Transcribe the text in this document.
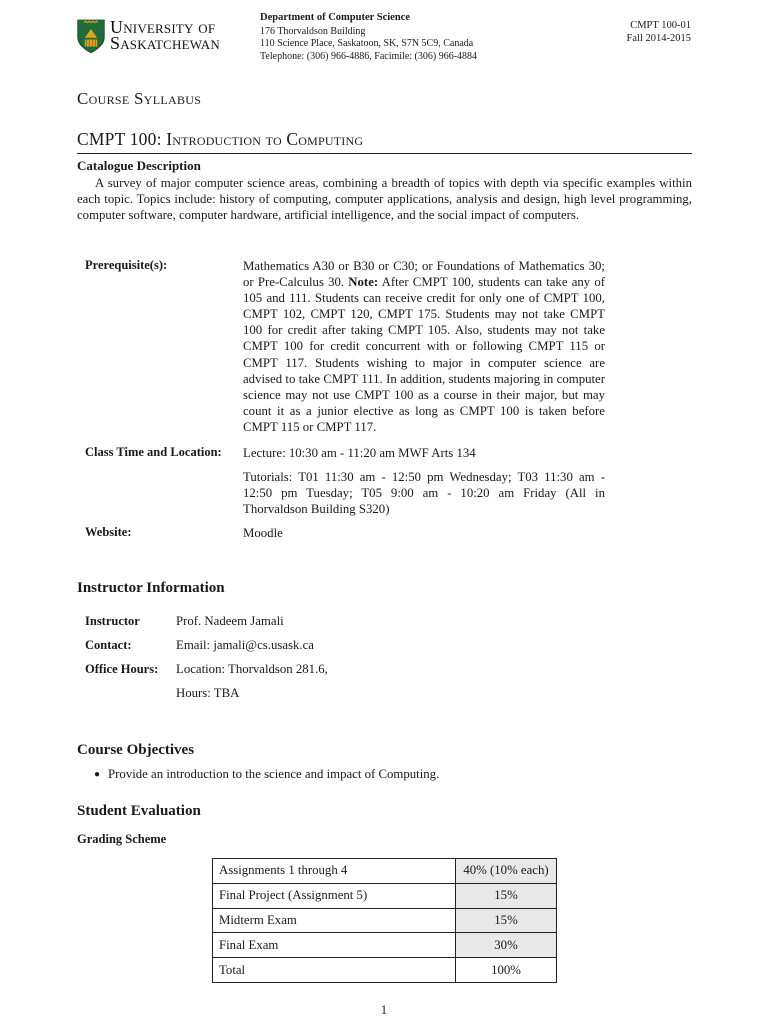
University of
Saskatchewan
Department of Computer Science
176 Thorvaldson Building
110 Science Place, Saskatoon, SK, S7N 5C9, Canada
Telephone: (306) 966-4886, Facimile: (306) 966-4884
CMPT 100-01
Fall 2014-2015
Course Syllabus
CMPT 100: Introduction to Computing
Catalogue Description
A survey of major computer science areas, combining a breadth of topics with depth via specific examples within each topic. Topics include: history of computing, computer applications, analysis and design, high level programming, computer software, computer hardware, artificial intelligence, and the social impact of computers.
Prerequisite(s):	Mathematics A30 or B30 or C30; or Foundations of Mathematics 30; or Pre-Calculus 30. Note: After CMPT 100, students can take any of 105 and 111. Students can receive credit for only one of CMPT 100, CMPT 102, CMPT 120, CMPT 175. Students may not take CMPT 100 for credit after taking CMPT 105. Also, students may not take CMPT 100 for credit concurrent with or following CMPT 115 or CMPT 117. Students wishing to major in computer science are advised to take CMPT 111. In addition, students majoring in computer science may not use CMPT 100 as a course in their major, but may count it as a junior elective as long as CMPT 100 is taken before CMPT 115 or CMPT 117.
Class Time and Location: Lecture: 10:30 am - 11:20 am MWF Arts 134
Tutorials: T01 11:30 am - 12:50 pm Wednesday; T03 11:30 am - 12:50 pm Tuesday; T05 9:00 am - 10:20 am Friday (All in Thorvaldson Building S320)
Website:	Moodle
Instructor Information
Instructor	Prof. Nadeem Jamali
Contact:	Email: jamali@cs.usask.ca
Office Hours: Location: Thorvaldson 281.6,
Hours: TBA
Course Objectives
● Provide an introduction to the science and impact of Computing.
Student Evaluation
Grading Scheme
Assignments 1 through 4	40% (10% each)
Final Project (Assignment 5)	15%
Midterm Exam	15%
Final Exam	30%
Total	100%
1
